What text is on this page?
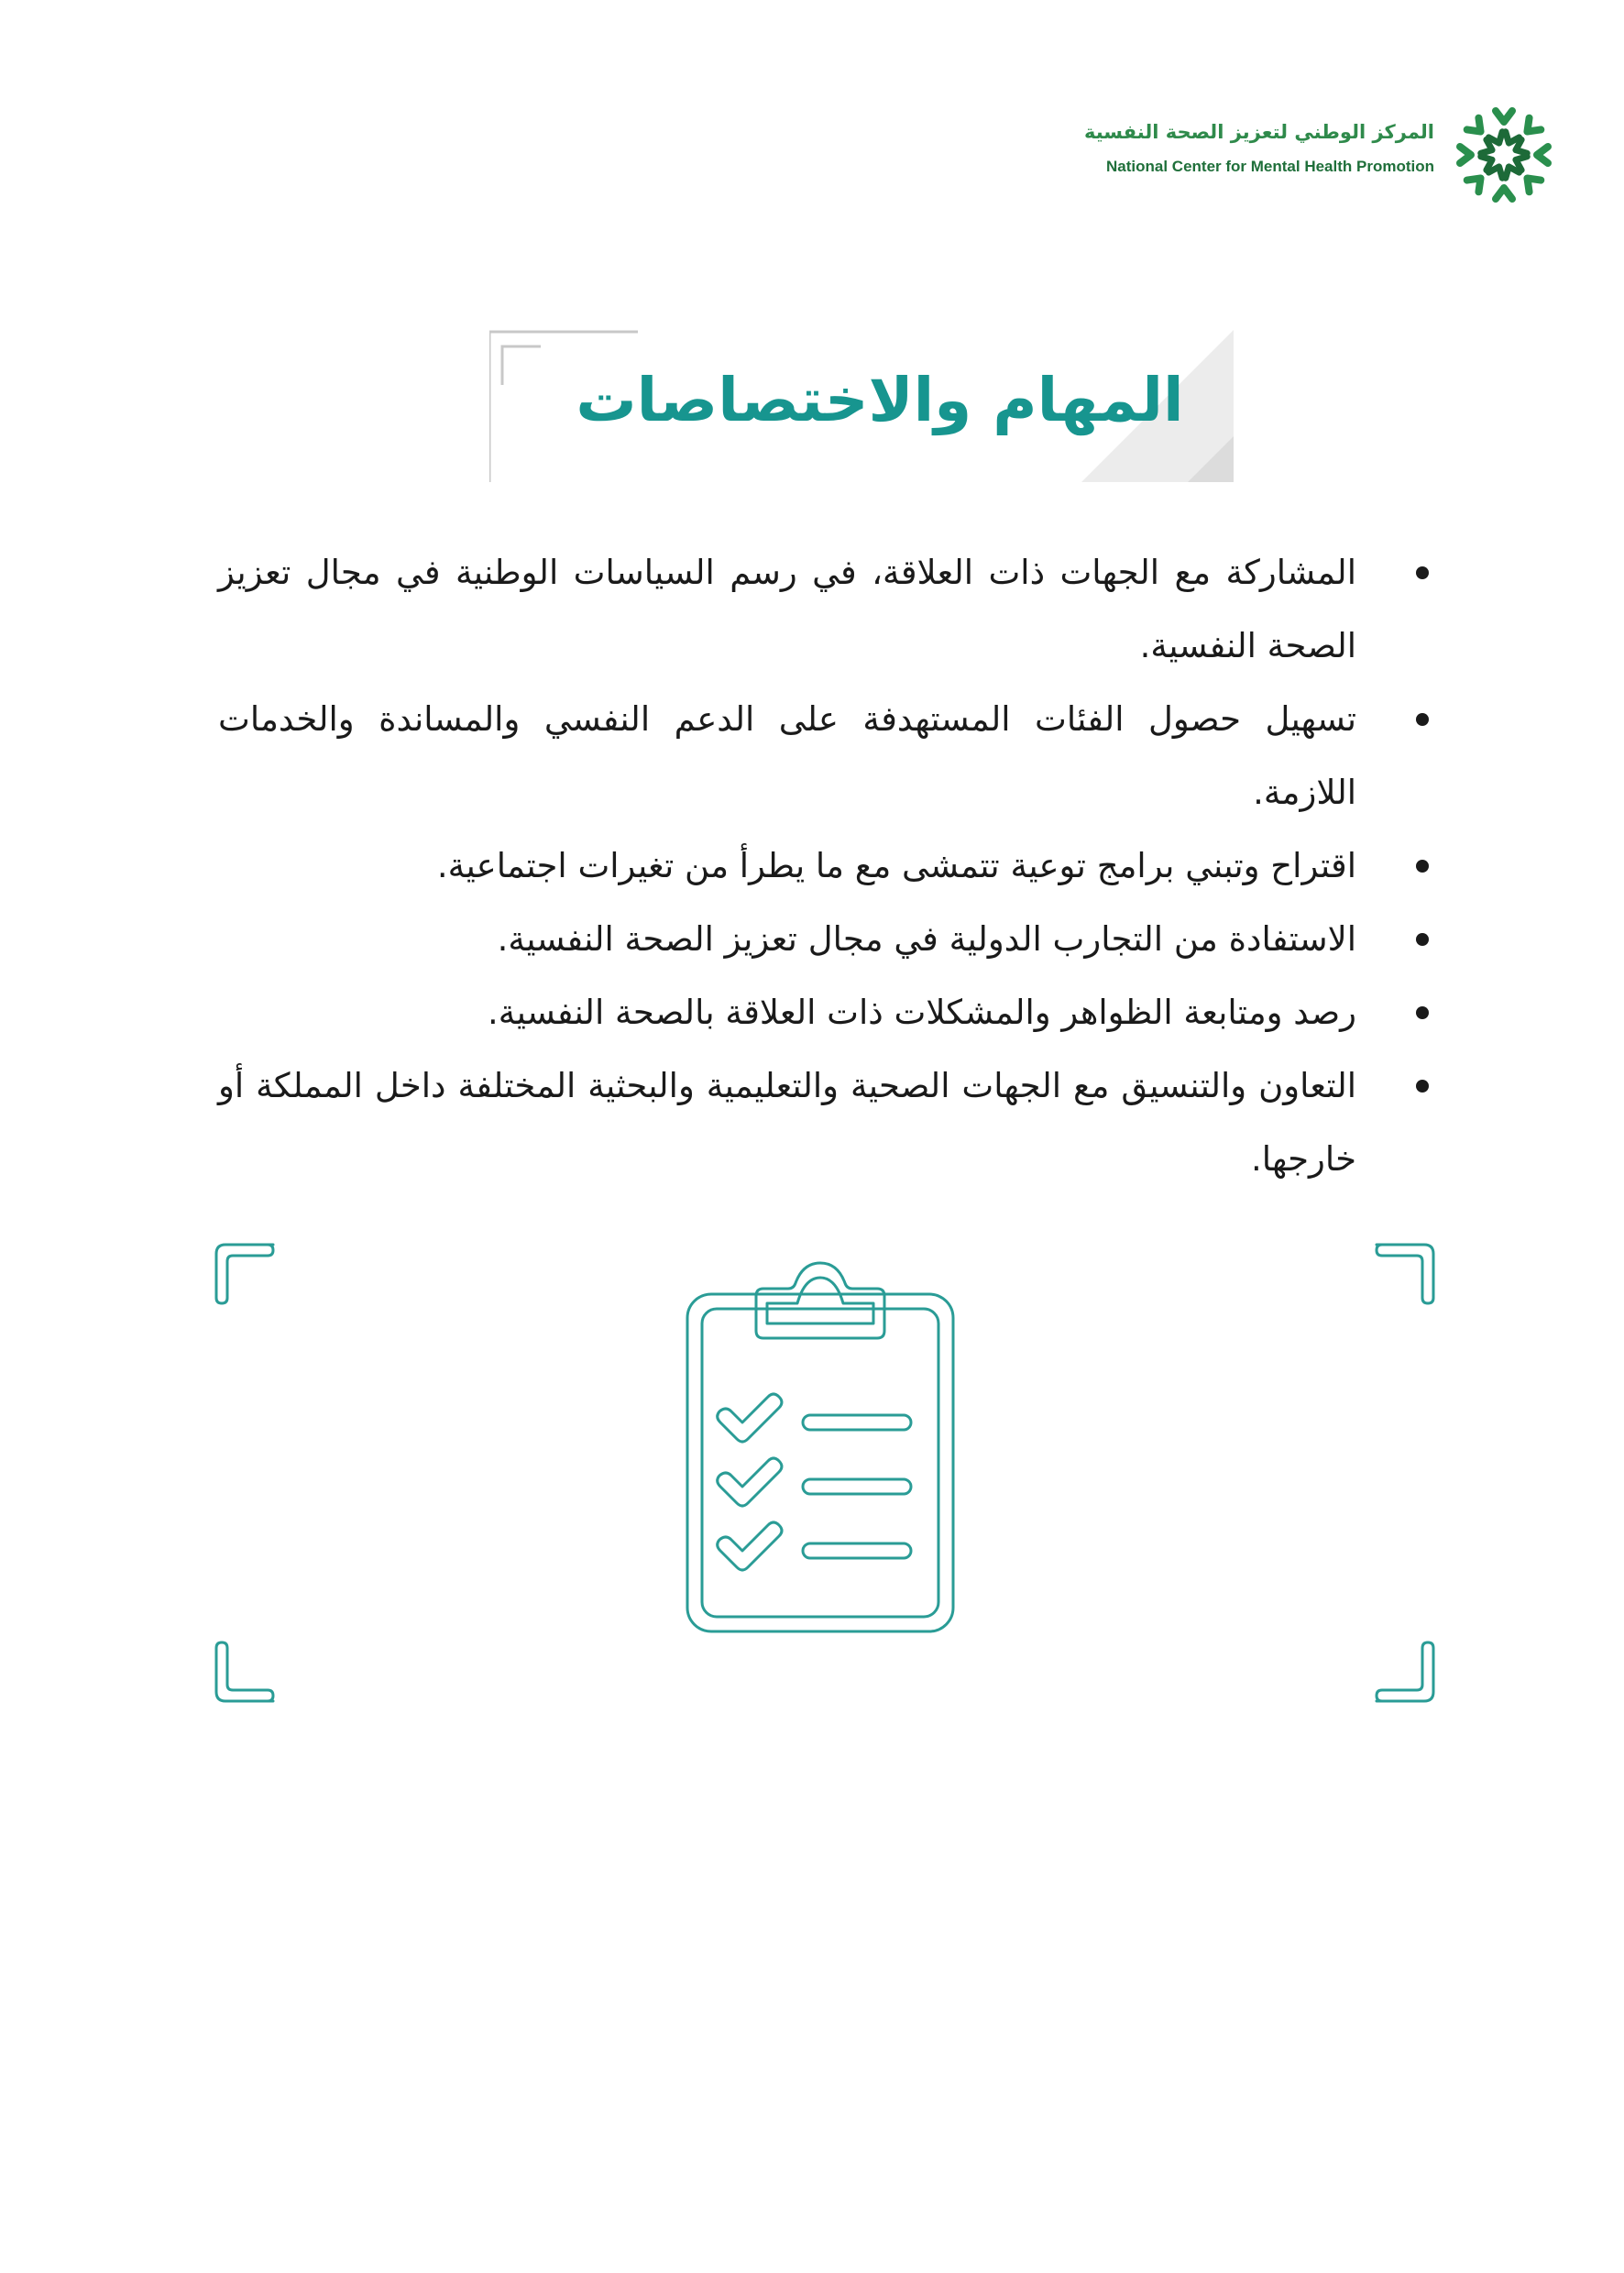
المركز الوطني لتعزيز الصحة النفسية
National Center for Mental Health Promotion
المهام والاختصاصات
المشاركة مع الجهات ذات العلاقة، في رسم السياسات الوطنية في مجال تعزيز الصحة النفسية.
تسهيل حصول الفئات المستهدفة على الدعم النفسي والمساندة والخدمات اللازمة.
اقتراح وتبني برامج توعية تتمشى مع ما يطرأ من تغيرات اجتماعية.
الاستفادة من التجارب الدولية في مجال تعزيز الصحة النفسية.
رصد ومتابعة الظواهر والمشكلات ذات العلاقة بالصحة النفسية.
التعاون والتنسيق مع الجهات الصحية والتعليمية والبحثية المختلفة داخل المملكة أو خارجها.
